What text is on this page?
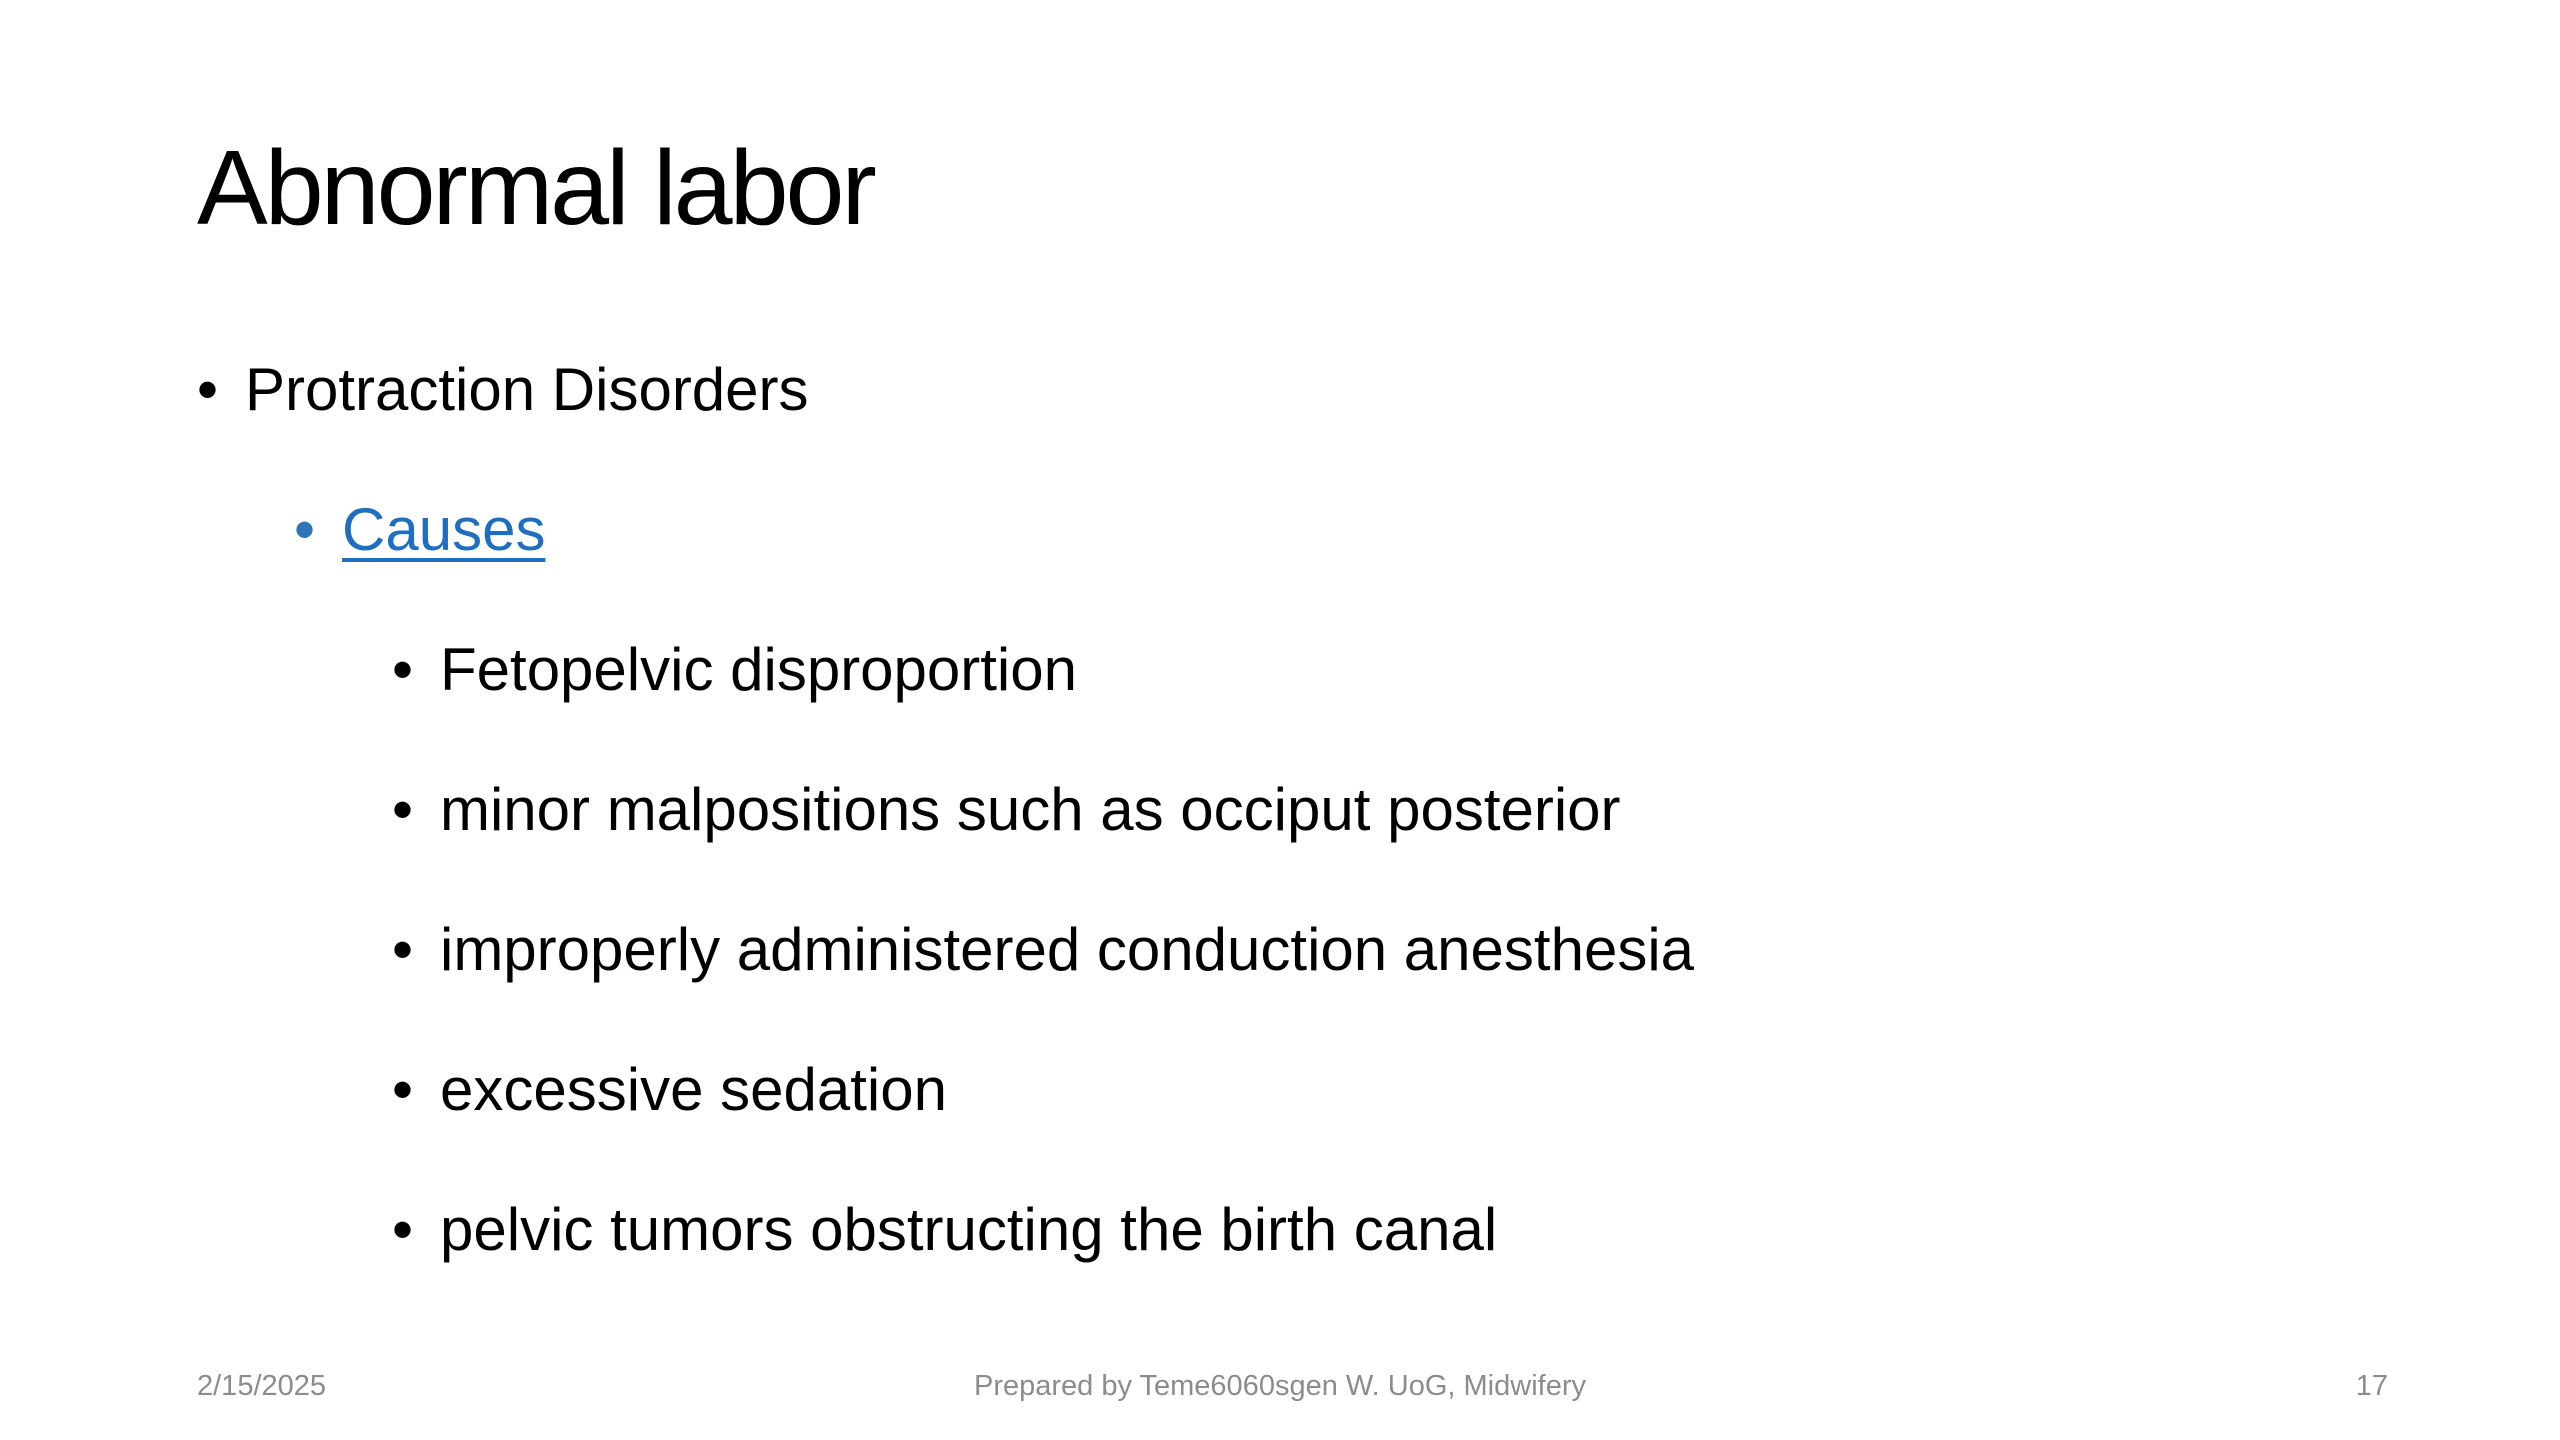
Abnormal labor
• Protraction Disorders
• Causes
• Fetopelvic disproportion
• minor malpositions such as occiput posterior
• improperly administered conduction anesthesia
• excessive sedation
• pelvic tumors obstructing the birth canal
2/15/2025	Prepared by Teme6060sgen W. UoG, Midwifery	17
